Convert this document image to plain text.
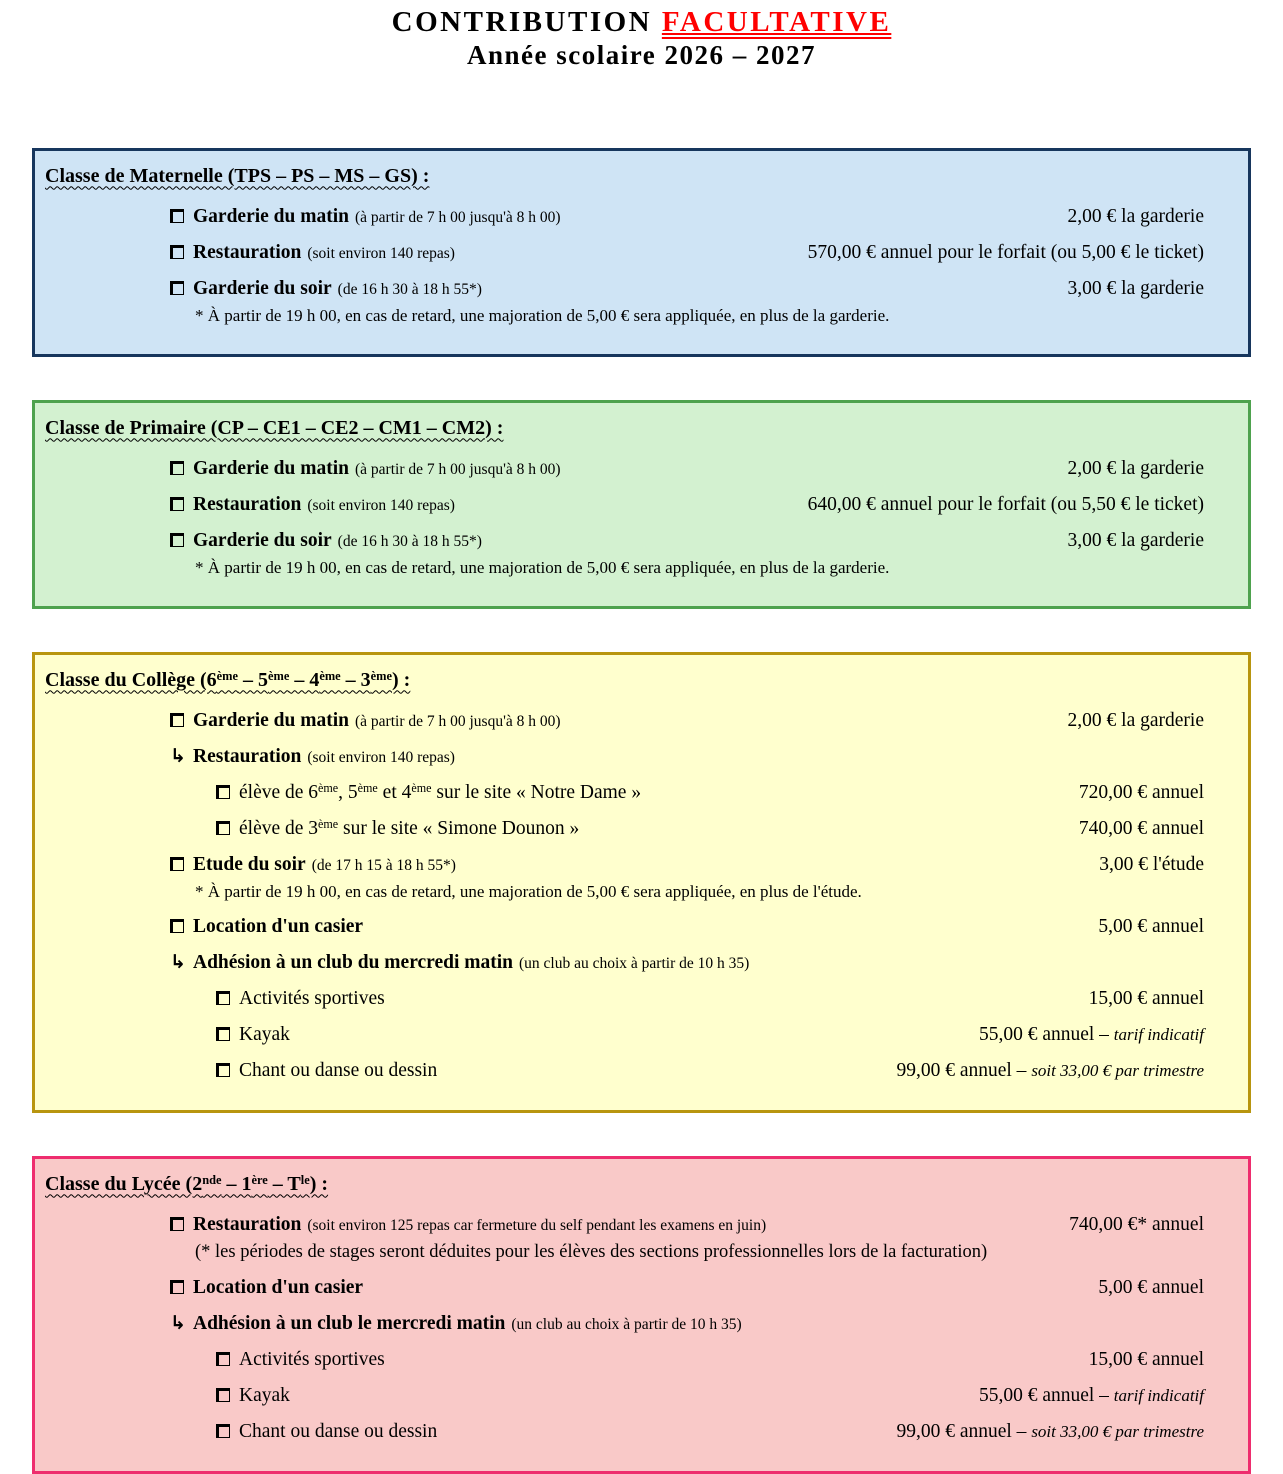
CONTRIBUTION FACULTATIVE
Année scolaire 2026 – 2027
Classe de Maternelle (TPS – PS – MS – GS) :
Garderie du matin (à partir de 7 h 00 jusqu'à 8 h 00)	2,00 € la garderie
Restauration (soit environ 140 repas)	570,00 € annuel pour le forfait (ou 5,00 € le ticket)
Garderie du soir (de 16 h 30 à 18 h 55*)	3,00 € la garderie
* À partir de 19 h 00, en cas de retard, une majoration de 5,00 € sera appliquée, en plus de la garderie.
Classe de Primaire (CP – CE1 – CE2 – CM1 – CM2) :
Garderie du matin (à partir de 7 h 00 jusqu'à 8 h 00)	2,00 € la garderie
Restauration (soit environ 140 repas)	640,00 € annuel pour le forfait (ou 5,50 € le ticket)
Garderie du soir (de 16 h 30 à 18 h 55*)	3,00 € la garderie
* À partir de 19 h 00, en cas de retard, une majoration de 5,00 € sera appliquée, en plus de la garderie.
Classe du Collège (6ème – 5ème – 4ème – 3ème) :
Garderie du matin (à partir de 7 h 00 jusqu'à 8 h 00)	2,00 € la garderie
↳ Restauration (soit environ 140 repas)
élève de 6ème, 5ème et 4ème sur le site « Notre Dame »	720,00 € annuel
élève de 3ème sur le site « Simone Dounon »	740,00 € annuel
Etude du soir (de 17 h 15 à 18 h 55*)	3,00 € l'étude
* À partir de 19 h 00, en cas de retard, une majoration de 5,00 € sera appliquée, en plus de l'étude.
Location d'un casier	5,00 € annuel
↳ Adhésion à un club du mercredi matin (un club au choix à partir de 10 h 35)
Activités sportives	15,00 € annuel
Kayak	55,00 € annuel – tarif indicatif
Chant ou danse ou dessin	99,00 € annuel – soit 33,00 € par trimestre
Classe du Lycée $(2nde - 1ère - T^{le})$ :
Restauration (soit environ 125 repas car fermeture du self pendant les examens en juin)	740,00 €* annuel
(* les périodes de stages seront déduites pour les élèves des sections professionnelles lors de la facturation)
Location d'un casier	5,00 € annuel
↳ Adhésion à un club le mercredi matin (un club au choix à partir de 10 h 35)
Activités sportives	15,00 € annuel
Kayak	55,00 € annuel – tarif indicatif
Chant ou danse ou dessin	99,00 € annuel – soit 33,00 € par trimestre
